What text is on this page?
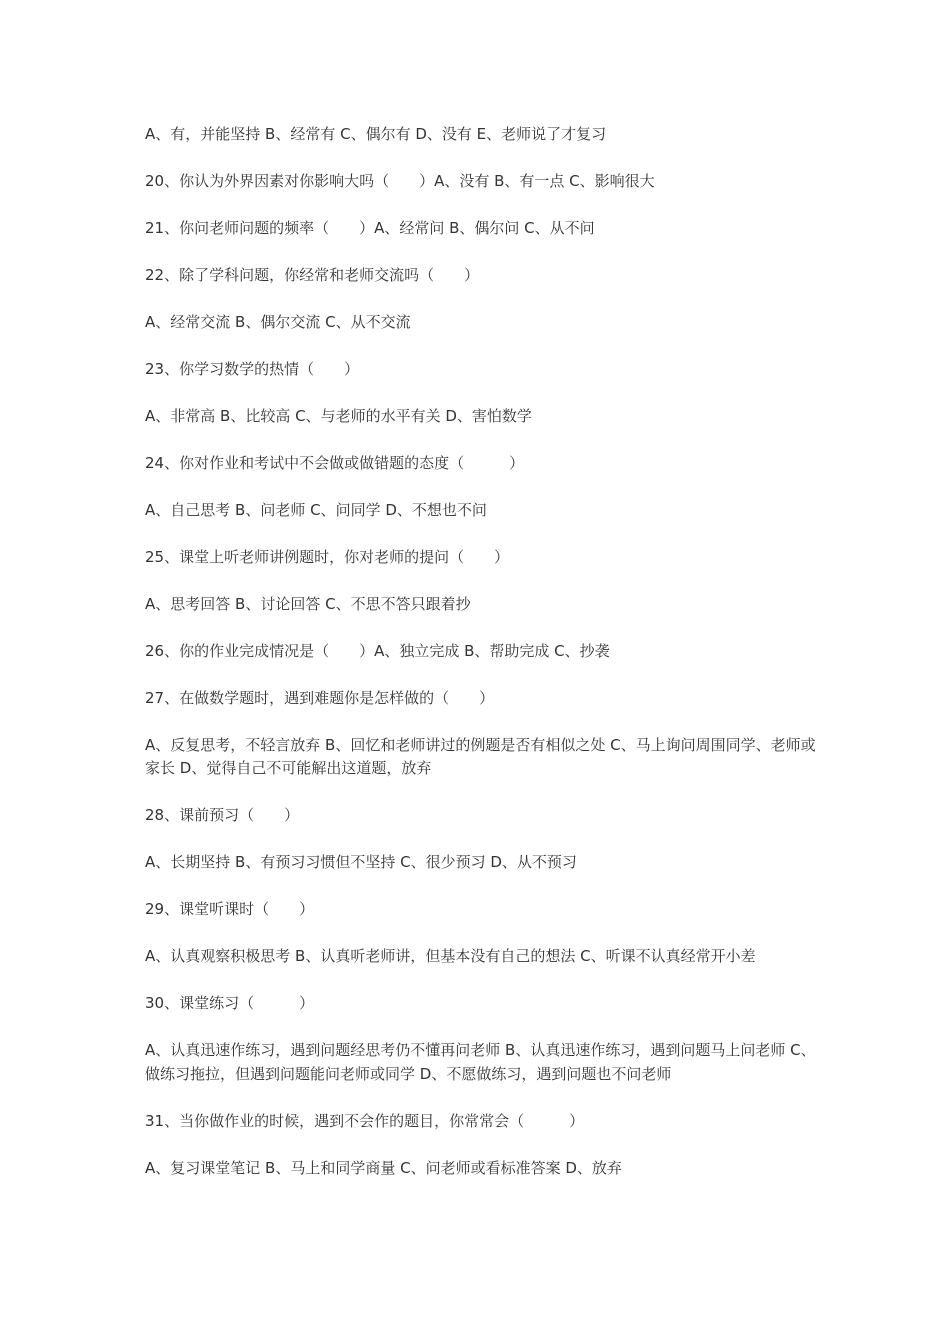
A、有，并能坚持 B、经常有 C、偶尔有 D、没有 E、老师说了才复习

20、你认为外界因素对你影响大吗（　　）A、没有 B、有一点 C、影响很大

21、你问老师问题的频率（　　）A、经常问 B、偶尔问 C、从不问

22、除了学科问题，你经常和老师交流吗（　　）

A、经常交流 B、偶尔交流 C、从不交流

23、你学习数学的热情（　　）

A、非常高 B、比较高 C、与老师的水平有关 D、害怕数学

24、你对作业和考试中不会做或做错题的态度（　　　）

A、自己思考 B、问老师 C、问同学 D、不想也不问

25、课堂上听老师讲例题时，你对老师的提问（　　）

A、思考回答 B、讨论回答 C、不思不答只跟着抄

26、你的作业完成情况是（　　）A、独立完成 B、帮助完成 C、抄袭

27、在做数学题时，遇到难题你是怎样做的（　　）

A、反复思考，不轻言放弃 B、回忆和老师讲过的例题是否有相似之处 C、马上询问周围同学、老师或家长 D、觉得自己不可能解出这道题，放弃

28、课前预习（　　）

A、长期坚持 B、有预习习惯但不坚持 C、很少预习 D、从不预习

29、课堂听课时（　　）

A、认真观察积极思考 B、认真听老师讲，但基本没有自己的想法 C、听课不认真经常开小差

30、课堂练习（　　　）

A、认真迅速作练习，遇到问题经思考仍不懂再问老师 B、认真迅速作练习，遇到问题马上问老师 C、做练习拖拉，但遇到问题能问老师或同学 D、不愿做练习，遇到问题也不问老师

31、当你做作业的时候，遇到不会作的题目，你常常会（　　　）

A、复习课堂笔记 B、马上和同学商量 C、问老师或看标准答案 D、放弃
